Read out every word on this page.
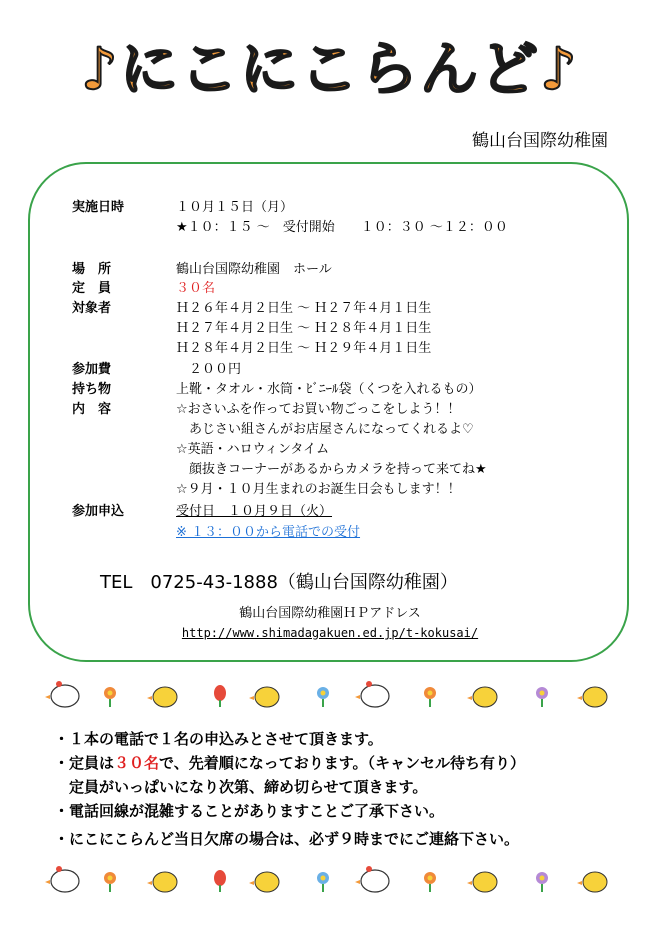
♪にこにこらんど♪
鶴山台国際幼稚園
実施日時	１０月１５日（月）
★１０：１５ ～　受付開始　　１０：３０ ～１２：００
場　所	鶴山台国際幼稚園　ホール
定　員	３０名
対象者	Ｈ２６年４月２日生 ～ Ｈ２７年４月１日生
Ｈ２７年４月２日生 ～ Ｈ２８年４月１日生
Ｈ２８年４月２日生 ～ Ｈ２９年４月１日生
参加費	　２００円
持ち物	上靴・タオル・水筒・ﾋﾞﾆｰﾙ袋（くつを入れるもの）
内　容	☆おさいふを作ってお買い物ごっこをしよう！！
　あじさい組さんがお店屋さんになってくれるよ♡
☆英語・ハロウィンタイム
　顔抜きコーナーがあるからカメラを持って来てね★
☆９月・１０月生まれのお誕生日会もします！！
参加申込	受付日　１０月９日（火）
※ １３：００から電話での受付
TEL　0725-43-1888（鶴山台国際幼稚園）
鶴山台国際幼稚園ＨＰアドレス
http://www.shimadagakuen.ed.jp/t-kokusai/
・１本の電話で１名の申込みとさせて頂きます。
・定員は３０名で、先着順になっております。（キャンセル待ち有り）
　定員がいっぱいになり次第、締め切らせて頂きます。
・電話回線が混雑することがありますことご了承下さい。
・にこにこらんど当日欠席の場合は、必ず９時までにご連絡下さい。
